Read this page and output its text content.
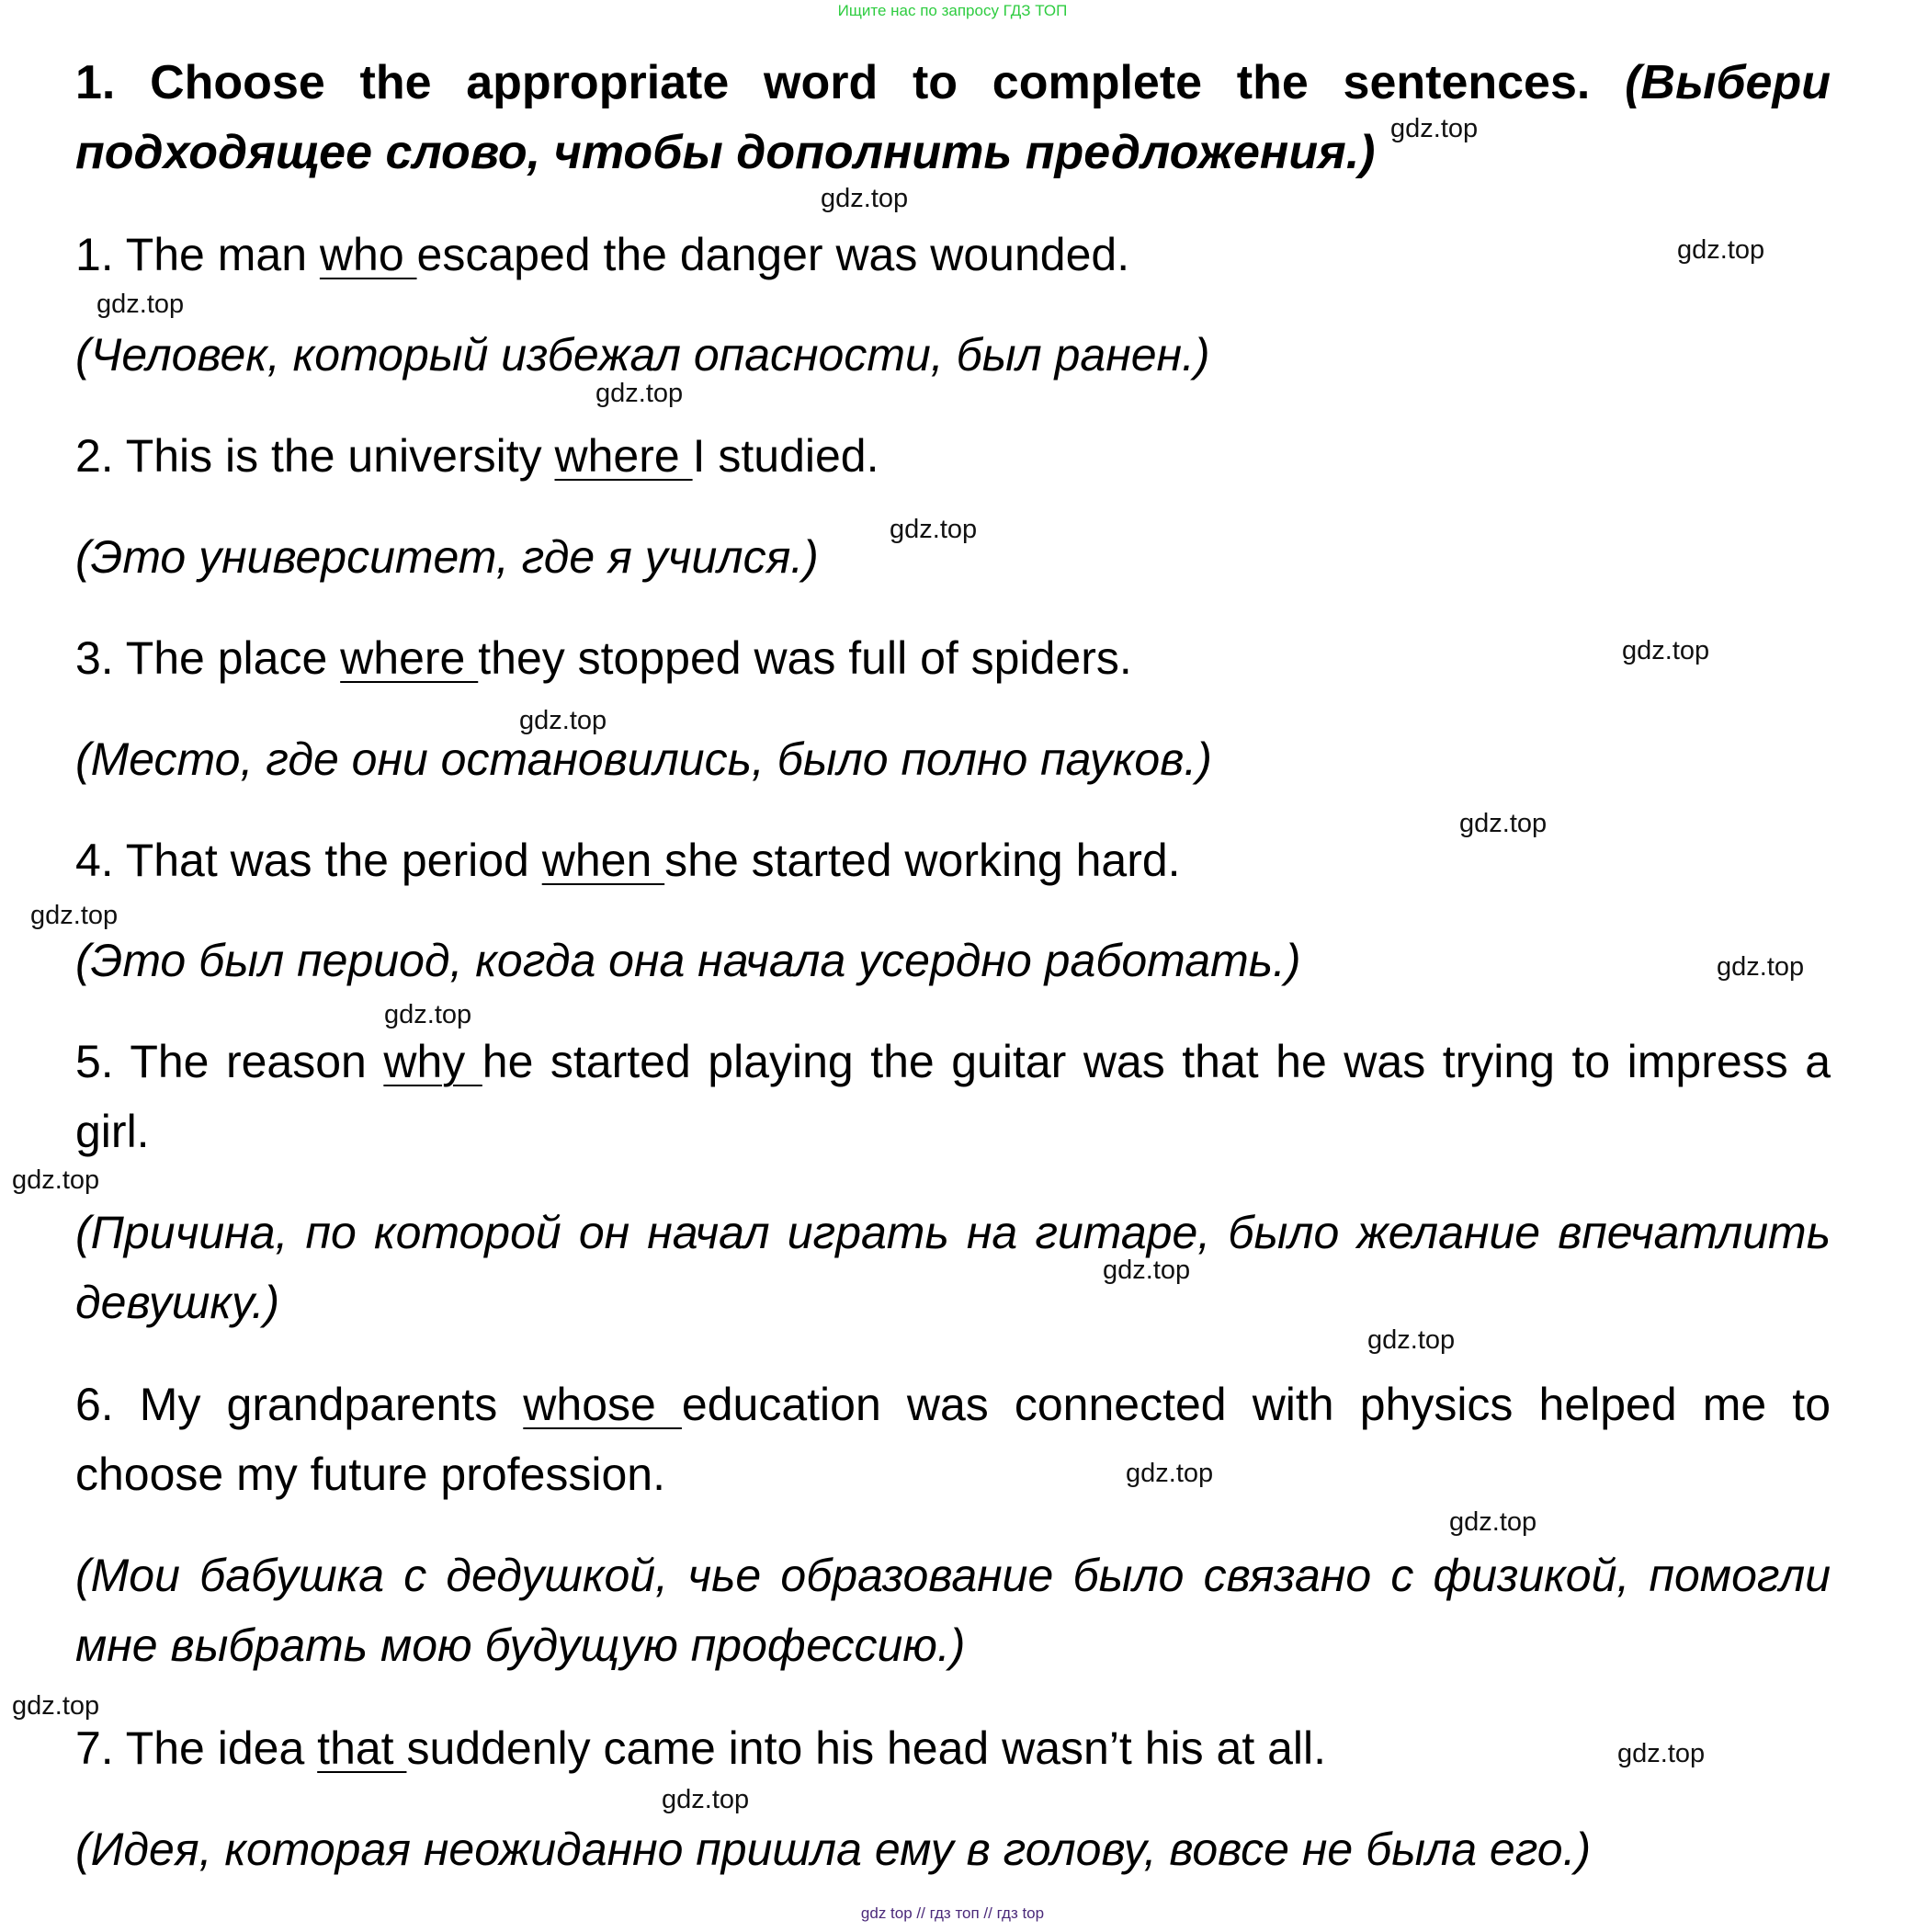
Ищите нас по запросу ГДЗ ТОП
1. Choose the appropriate word to complete the sentences. (Выбери подходящее слово, чтобы дополнить предложения.)
1. The man who escaped the danger was wounded.
(Человек, который избежал опасности, был ранен.)
2. This is the university where I studied.
(Это университет, где я учился.)
3. The place where they stopped was full of spiders.
(Место, где они остановились, было полно пауков.)
4. That was the period when she started working hard.
(Это был период, когда она начала усердно работать.)
5. The reason why he started playing the guitar was that he was trying to impress a girl.
(Причина, по которой он начал играть на гитаре, было желание впечатлить девушку.)
6. My grandparents whose education was connected with physics helped me to choose my future profession.
(Мои бабушка с дедушкой, чье образование было связано с физикой, помогли мне выбрать мою будущую профессию.)
7. The idea that suddenly came into his head wasn’t his at all.
(Идея, которая неожиданно пришла ему в голову, вовсе не была его.)
gdz.top
gdz.top
gdz.top
gdz.top
gdz.top
gdz.top
gdz.top
gdz.top
gdz.top
gdz.top
gdz.top
gdz.top
gdz.top
gdz.top
gdz.top
gdz.top
gdz.top
gdz.top
gdz.top
gdz.top
gdz top // гдз топ // гдз top
